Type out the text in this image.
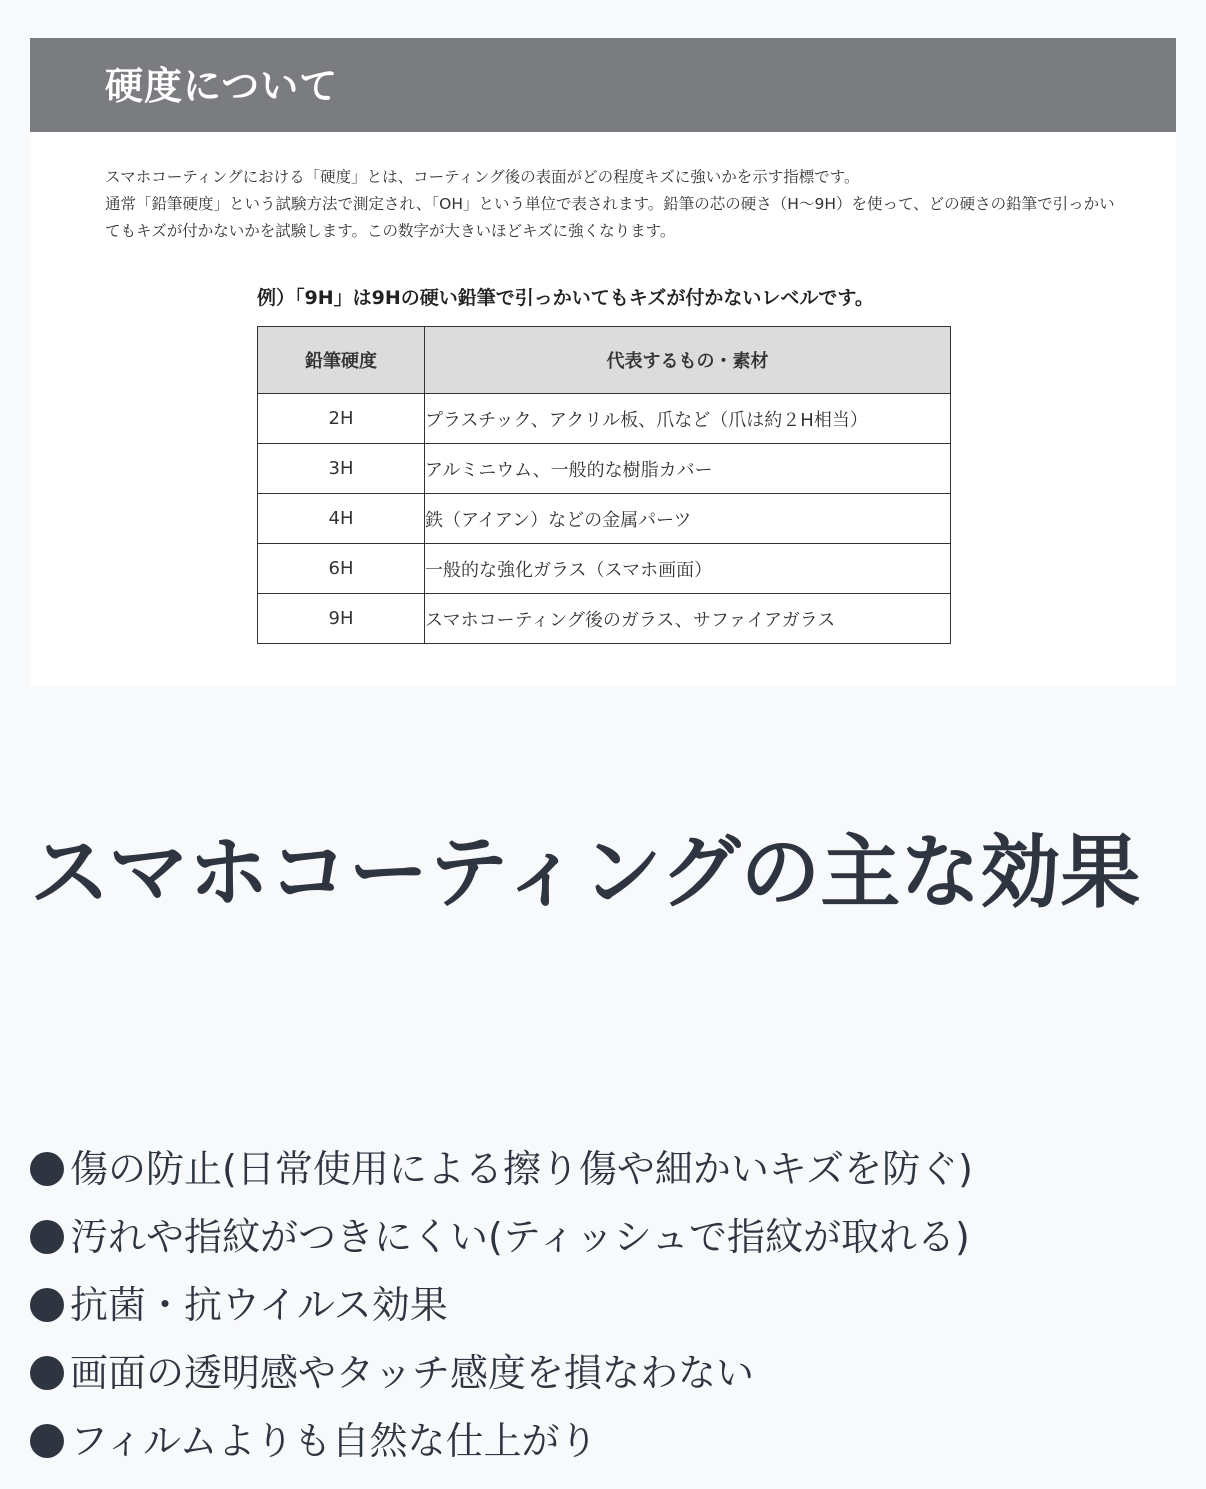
硬度について

スマホコーティングにおける「硬度」とは、コーティング後の表面がどの程度キズに強いかを示す指標です。

通常「鉛筆硬度」という試験方法で測定され、「OH」という単位で表されます。鉛筆の芯の硬さ（H〜9H）を使って、どの硬さの鉛筆で引っかいてもキズが付かないかを試験します。この数字が大きいほどキズに強くなります。

例）「9H」は9Hの硬い鉛筆で引っかいてもキズが付かないレベルです。
鉛筆硬度	代表するもの・素材
2H	プラスチック、アクリル板、爪など（爪は約２H相当）
3H	アルミニウム、一般的な樹脂カバー
4H	鉄（アイアン）などの金属パーツ
6H	一般的な強化ガラス（スマホ画面）
9H	スマホコーティング後のガラス、サファイアガラス
スマホコーティングの主な効果
傷の防止(日常使用による擦り傷や細かいキズを防ぐ)
汚れや指紋がつきにくい(ティッシュで指紋が取れる)
抗菌・抗ウイルス効果
画面の透明感やタッチ感度を損なわない
フィルムよりも自然な仕上がり
